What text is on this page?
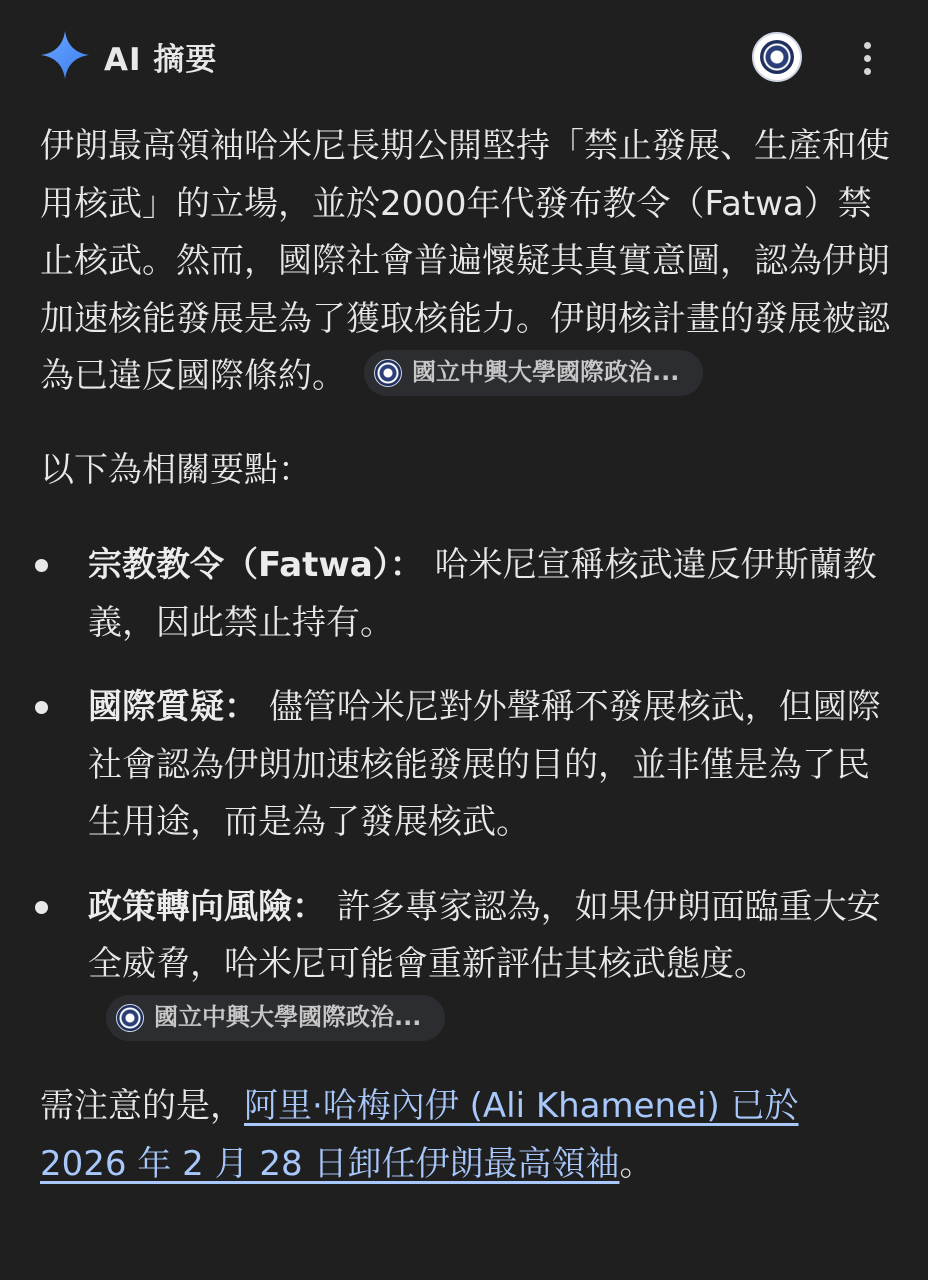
AI 摘要

伊朗最高領袖哈米尼長期公開堅持「禁止發展、生產和使用核武」的立場，並於2000年代發布教令（Fatwa）禁止核武。然而，國際社會普遍懷疑其真實意圖，認為伊朗加速核能發展是為了獲取核能力。伊朗核計畫的發展被認為已違反國際條約。	國立中興大學國際政治...

以下為相關要點：

宗教教令（Fatwa）： 哈米尼宣稱核武違反伊斯蘭教義，因此禁止持有。
國際質疑： 儘管哈米尼對外聲稱不發展核武，但國際社會認為伊朗加速核能發展的目的，並非僅是為了民生用途，而是為了發展核武。
政策轉向風險： 許多專家認為，如果伊朗面臨重大安全威脅，哈米尼可能會重新評估其核武態度。
國立中興大學國際政治...

需注意的是，阿里·哈梅內伊 (Ali Khamenei) 已於 2026 年 2 月 28 日卸任伊朗最高領袖。
